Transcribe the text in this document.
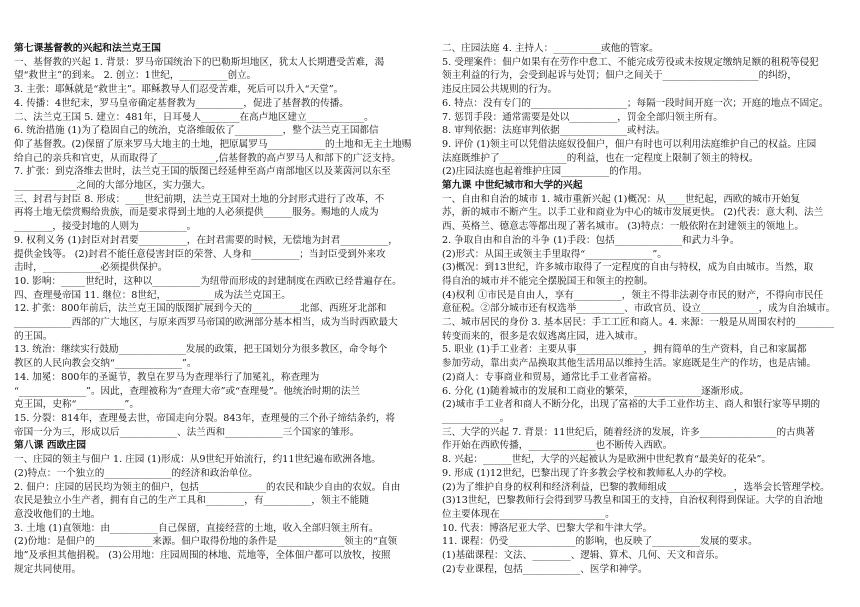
第七课基督教的兴起和法兰克王国
一、基督教的兴起 1. 背景：罗马帝国统治下的巴勒斯坦地区，犹太人长期遭受苦难，渴
望“救世主”的到来。 2. 创立：1世纪，__________创立。
3. 主张：耶稣就是“救世主”。耶稣教导人们忍受苦难，死后可以升入“天堂”。
4. 传播：4世纪末，罗马皇帝确定基督教为__________，促进了基督教的传播。
二、法兰克王国 5. 建立：481年，日耳曼人________在高卢地区建立____________。
6. 统治措施 (1)为了稳固自己的统治，克洛维皈依了__________，整个法兰克王国都信
仰了基督教。(2)保留了原来罗马大地主的土地，把原属罗马____________的土地和无主土地赐
给自己的亲兵和官吏，从而取得了____________,信基督教的高卢罗马人和部下的广泛支持。
7. 扩张：到克洛维去世时，法兰克王国的版图已经延伸至高卢南部地区以及莱茵河以东至
_____________之间的大部分地区，实力强大。
三、封君与封臣 8. 形成：____世纪前期，法兰克王国对土地的分封形式进行了改革，不
再将土地无偿赏赐给贵族，而是要求得到土地的人必须提供______服务。赐地的人成为
________，接受封地的人则为__________。
9. 权利义务 (1)封臣对封君要__________，在封君需要的时候，无偿地为封君__________，
提供金钱等。 (2)封君不能任意侵害封臣的荣誉、人身和__________；当封臣受到外来攻
击时，____________必须提供保护。
10. 影响：_____世纪时，这种以__________为纽带而形成的封建制度在西欧已经普遍存在。
四、查理曼帝国 11. 继位：8世纪，__________成为法兰克国王。
12. 扩张：800年前后，法兰克王国的版图扩展到今天的__________北部、西班牙北部和
____________西部的广大地区，与原来西罗马帝国的欧洲部分基本相当，成为当时西欧最大
的王国。
13. 统治：继续实行鼓励______________发展的政策，把王国划分为很多教区，命令每个
教区的人民向教会交纳“______________”。
14. 加冕：800年的圣诞节，教皇在罗马为查理举行了加冕礼，称查理为
“______________”。因此，查理被称为“查理大帝”或“查理曼”。他统治时期的法兰
克王国，史称“__________”。
15. 分裂：814年，查理曼去世，帝国走向分裂。843年，查理曼的三个孙子缔结条约，将
帝国一分为三，形成以后____________、法兰西和____________三个国家的雏形。
第八课 西欧庄园
一、庄园的领主与佃户 1. 庄园 (1)形成：从9世纪开始流行，约11世纪遍布欧洲各地。
(2)特点：一个独立的______________的经济和政治单位。
2. 佃户：庄园的居民均为领主的佃户，包括______________的农民和缺少自由的农奴。自由
农民是独立小生产者，拥有自己的生产工具和________，有__________，领主不能随
意没收他们的土地。
3. 土地 (1)直领地：由__________自己保留，直接经营的土地，收入全部归领主所有。
(2)份地：是佃户的____________来源。佃户取得份地的条件是______________领主的“直领
地”及承担其他捐税。 (3)公用地：庄园周围的林地、荒地等，全体佃户都可以放牧，按照
规定共同使用。
二、庄园法庭 4. 主持人：__________或他的管家。
5. 受理案件：佃户如果有在劳作中怠工、不能完成劳役或未按规定缴纳足额的租税等侵犯
领主利益的行为，会受到起诉与处罚；佃户之间关于____________________的纠纷，
违反庄园公共规则的行为。
6. 特点：没有专门的____________________；每隔一段时间开庭一次；开庭的地点不固定。
7. 惩罚手段：通常需要是处以__________，罚金全部归领主所有。
8. 审判依据：法庭审判依据______________或村法。
9. 评价 (1)领主可以凭借法庭奴役佃户，佃户有时也可以利用法庭维护自己的权益。庄园
法庭既维护了______________的利益，也在一定程度上限制了领主的特权。
(2)庄园法庭也起着维护庄园__________的作用。
第九课 中世纪城市和大学的兴起
一、自由和自治的城市 1. 城市重新兴起 (1)概况：从____世纪起，西欧的城市开始复
苏，新的城市不断产生。以手工业和商业为中心的城市发展更快。 (2)代表：意大利、法兰
西、英格兰、德意志等都出现了著名城市。 (3)特点：一般依附在封建领主的领地上。
2. 争取自由和自治的斗争 (1)手段：包括______________和武力斗争。
(2)形式：从国王或领主手里取得“______________”。
(3)概况：到13世纪，许多城市取得了一定程度的自由与特权，成为自由城市。当然，取
得自治的城市并不能完全摆脱国王和领主的控制。
(4)权利 ①市民是自由人，享有__________，领主不得非法剥夺市民的财产，不得向市民任
意征税。②部分城市还有权选举__________、市政官员、设立____________，成为自治城市。
二、城市居民的身份 3. 基本居民：手工工匠和商人。4. 来源：一般是从周围农村的________
转变而来的，很多是农奴逃离庄园，进入城市。
5. 职业 (1)手工业者：主要从事______________，拥有简单的生产资料，自己和家属都
参加劳动，靠出卖产品换取其他生活用品以维持生活。家庭既是生产的作坊，也是店铺。
(2)商人：专事商业和贸易，通常比手工业者富裕。
6. 分化 (1)随着城市的发展和工商业的繁荣，______________逐渐形成。
(2)城市手工业者和商人不断分化，出现了富裕的大手工业作坊主、商人和银行家等早期的
____________。
三、大学的兴起 7. 背景：11世纪后，随着经济的发展，许多________________的古典著
作开始在西欧传播，______________也不断传入西欧。
8. 兴起：______世纪，大学的兴起被认为是欧洲中世纪教育“最美好的花朵”。
9. 形成 (1)12世纪，巴黎出现了许多教会学校和教师私人办的学校。
(2)为了维护自身的权利和经济利益，巴黎的教师组成______________，选举会长管理学校。
(3)13世纪，巴黎教师行会得到罗马教皇和国王的支持，自治权利得到保证。大学的自治地
位主要体现在______________________。
10. 代表：博洛尼亚大学、巴黎大学和牛津大学。
11. 课程：仍受______________的影响，也反映了__________发展的要求。
(1)基础课程：文法、________、逻辑、算术、几何、天文和音乐。
(2)专业课程，包括____________、医学和神学。
